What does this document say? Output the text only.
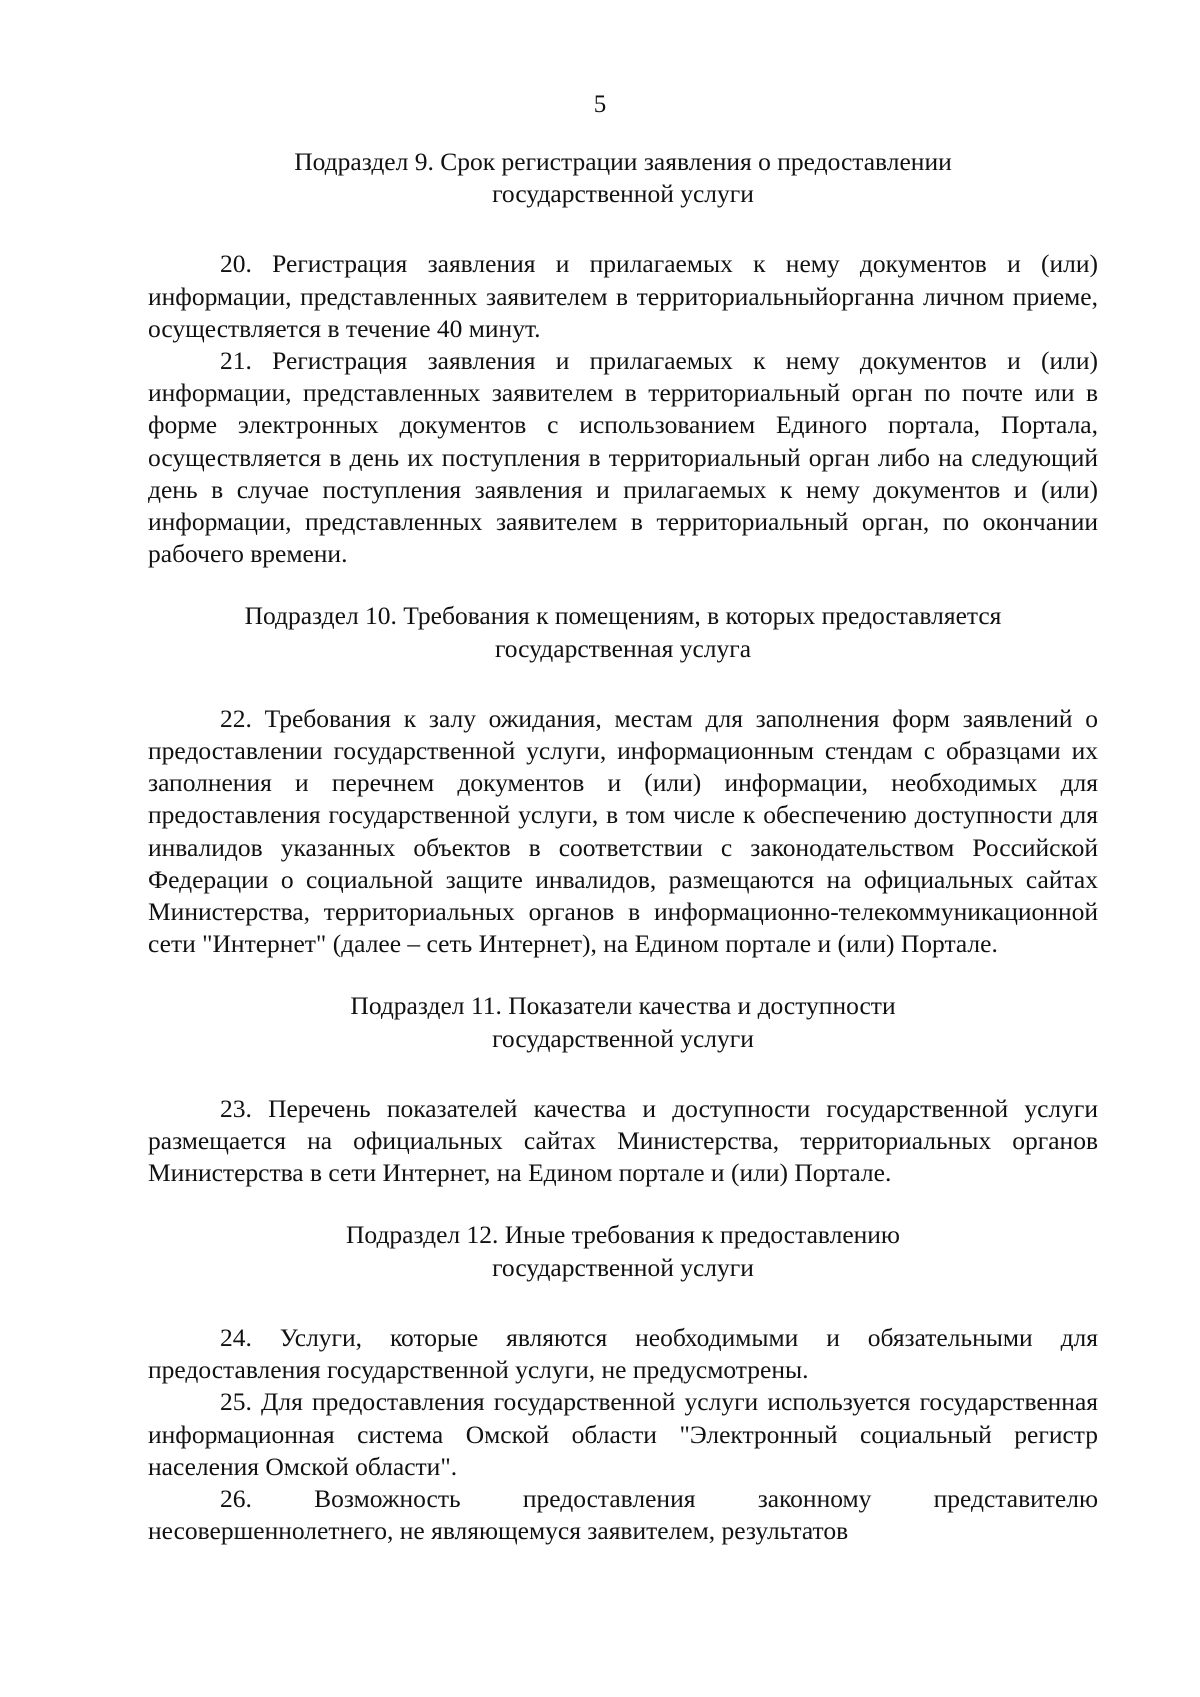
5
Подраздел 9. Срок регистрации заявления о предоставлении
государственной услуги

20. Регистрация заявления и прилагаемых к нему документов и (или) информации, представленных заявителем в территориальныйорганна личном приеме, осуществляется в течение 40 минут.

21. Регистрация заявления и прилагаемых к нему документов и (или) информации, представленных заявителем в территориальный орган по почте или в форме электронных документов с использованием Единого портала, Портала, осуществляется в день их поступления в территориальный орган либо на следующий день в случае поступления заявления и прилагаемых к нему документов и (или) информации, представленных заявителем в территориальный орган, по окончании рабочего времени.

Подраздел 10. Требования к помещениям, в которых предоставляется
государственная услуга

22. Требования к залу ожидания, местам для заполнения форм заявлений о предоставлении государственной услуги, информационным стендам с образцами их заполнения и перечнем документов и (или) информации, необходимых для предоставления государственной услуги, в том числе к обеспечению доступности для инвалидов указанных объектов в соответствии с законодательством Российской Федерации о социальной защите инвалидов, размещаются на официальных сайтах Министерства, территориальных органов в информационно-телекоммуникационной сети "Интернет" (далее – сеть Интернет), на Едином портале и (или) Портале.

Подраздел 11. Показатели качества и доступности
государственной услуги

23. Перечень показателей качества и доступности государственной услуги размещается на официальных сайтах Министерства, территориальных органов Министерства в сети Интернет, на Едином портале и (или) Портале.

Подраздел 12. Иные требования к предоставлению
государственной услуги

24. Услуги, которые являются необходимыми и обязательными для предоставления государственной услуги, не предусмотрены.

25. Для предоставления государственной услуги используется государственная информационная система Омской области "Электронный социальный регистр населения Омской области".

26. Возможность предоставления законному представителю несовершеннолетнего, не являющемуся заявителем, результатов
